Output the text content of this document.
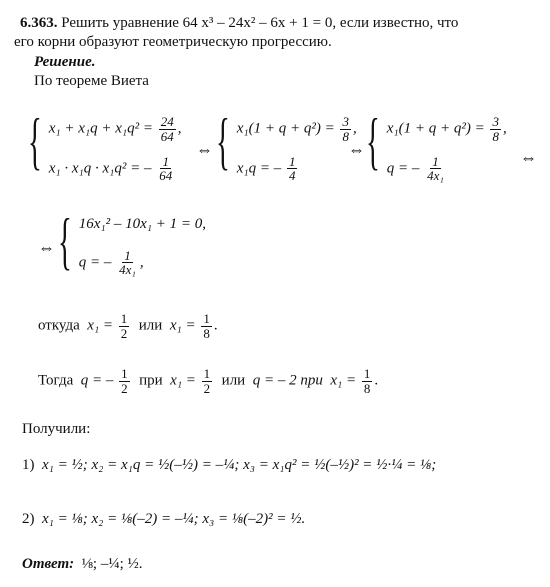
6.363. Решить уравнение 64 x³ – 24x² – 6x + 1 = 0, если известно, что
его корни образуют геометрическую прогрессию.
Решение.
По теореме Виета
{ $x_1 + x_1q + x_1q^2 = \frac{24}{64}$ ,
x₁ · x₁q · x₁q² = – $\frac{1}{64}$
⇔ { $x_1(1 + q + q^2) = \frac{3}{8}$ ,
x₁q = – $\frac{1}{4}$
⇔ { $x_1(1 + q + q^2) = \frac{3}{8}$ ,
q = – $\frac{1}{\text{4x₁}}$	⇔
⇔ { 16x₁² – 10x₁ + 1 = 0,
q = – $\frac{1}{\text{4x₁}}$ ,
откуда $x_1 = \frac{1}{2}$ или $x_1 = \frac{1}{8}$ .
Тогда q = – $\frac{1}{2}$ при $x_1 = \frac{1}{2}$ или q = – 2 при $x_1 = \frac{1}{8}$ .
Получили:
1) x₁ = ½; x₂ = x₁q = ½(–½) = –¼; x₃ = x₁q² = ½(–½)² = ½·¼ = ⅛;
2) x₁ = ⅛; x₂ = ⅛(–2) = –¼; x₃ = ⅛(–2)² = ½.
Ответ: ⅛; –¼; ½.
